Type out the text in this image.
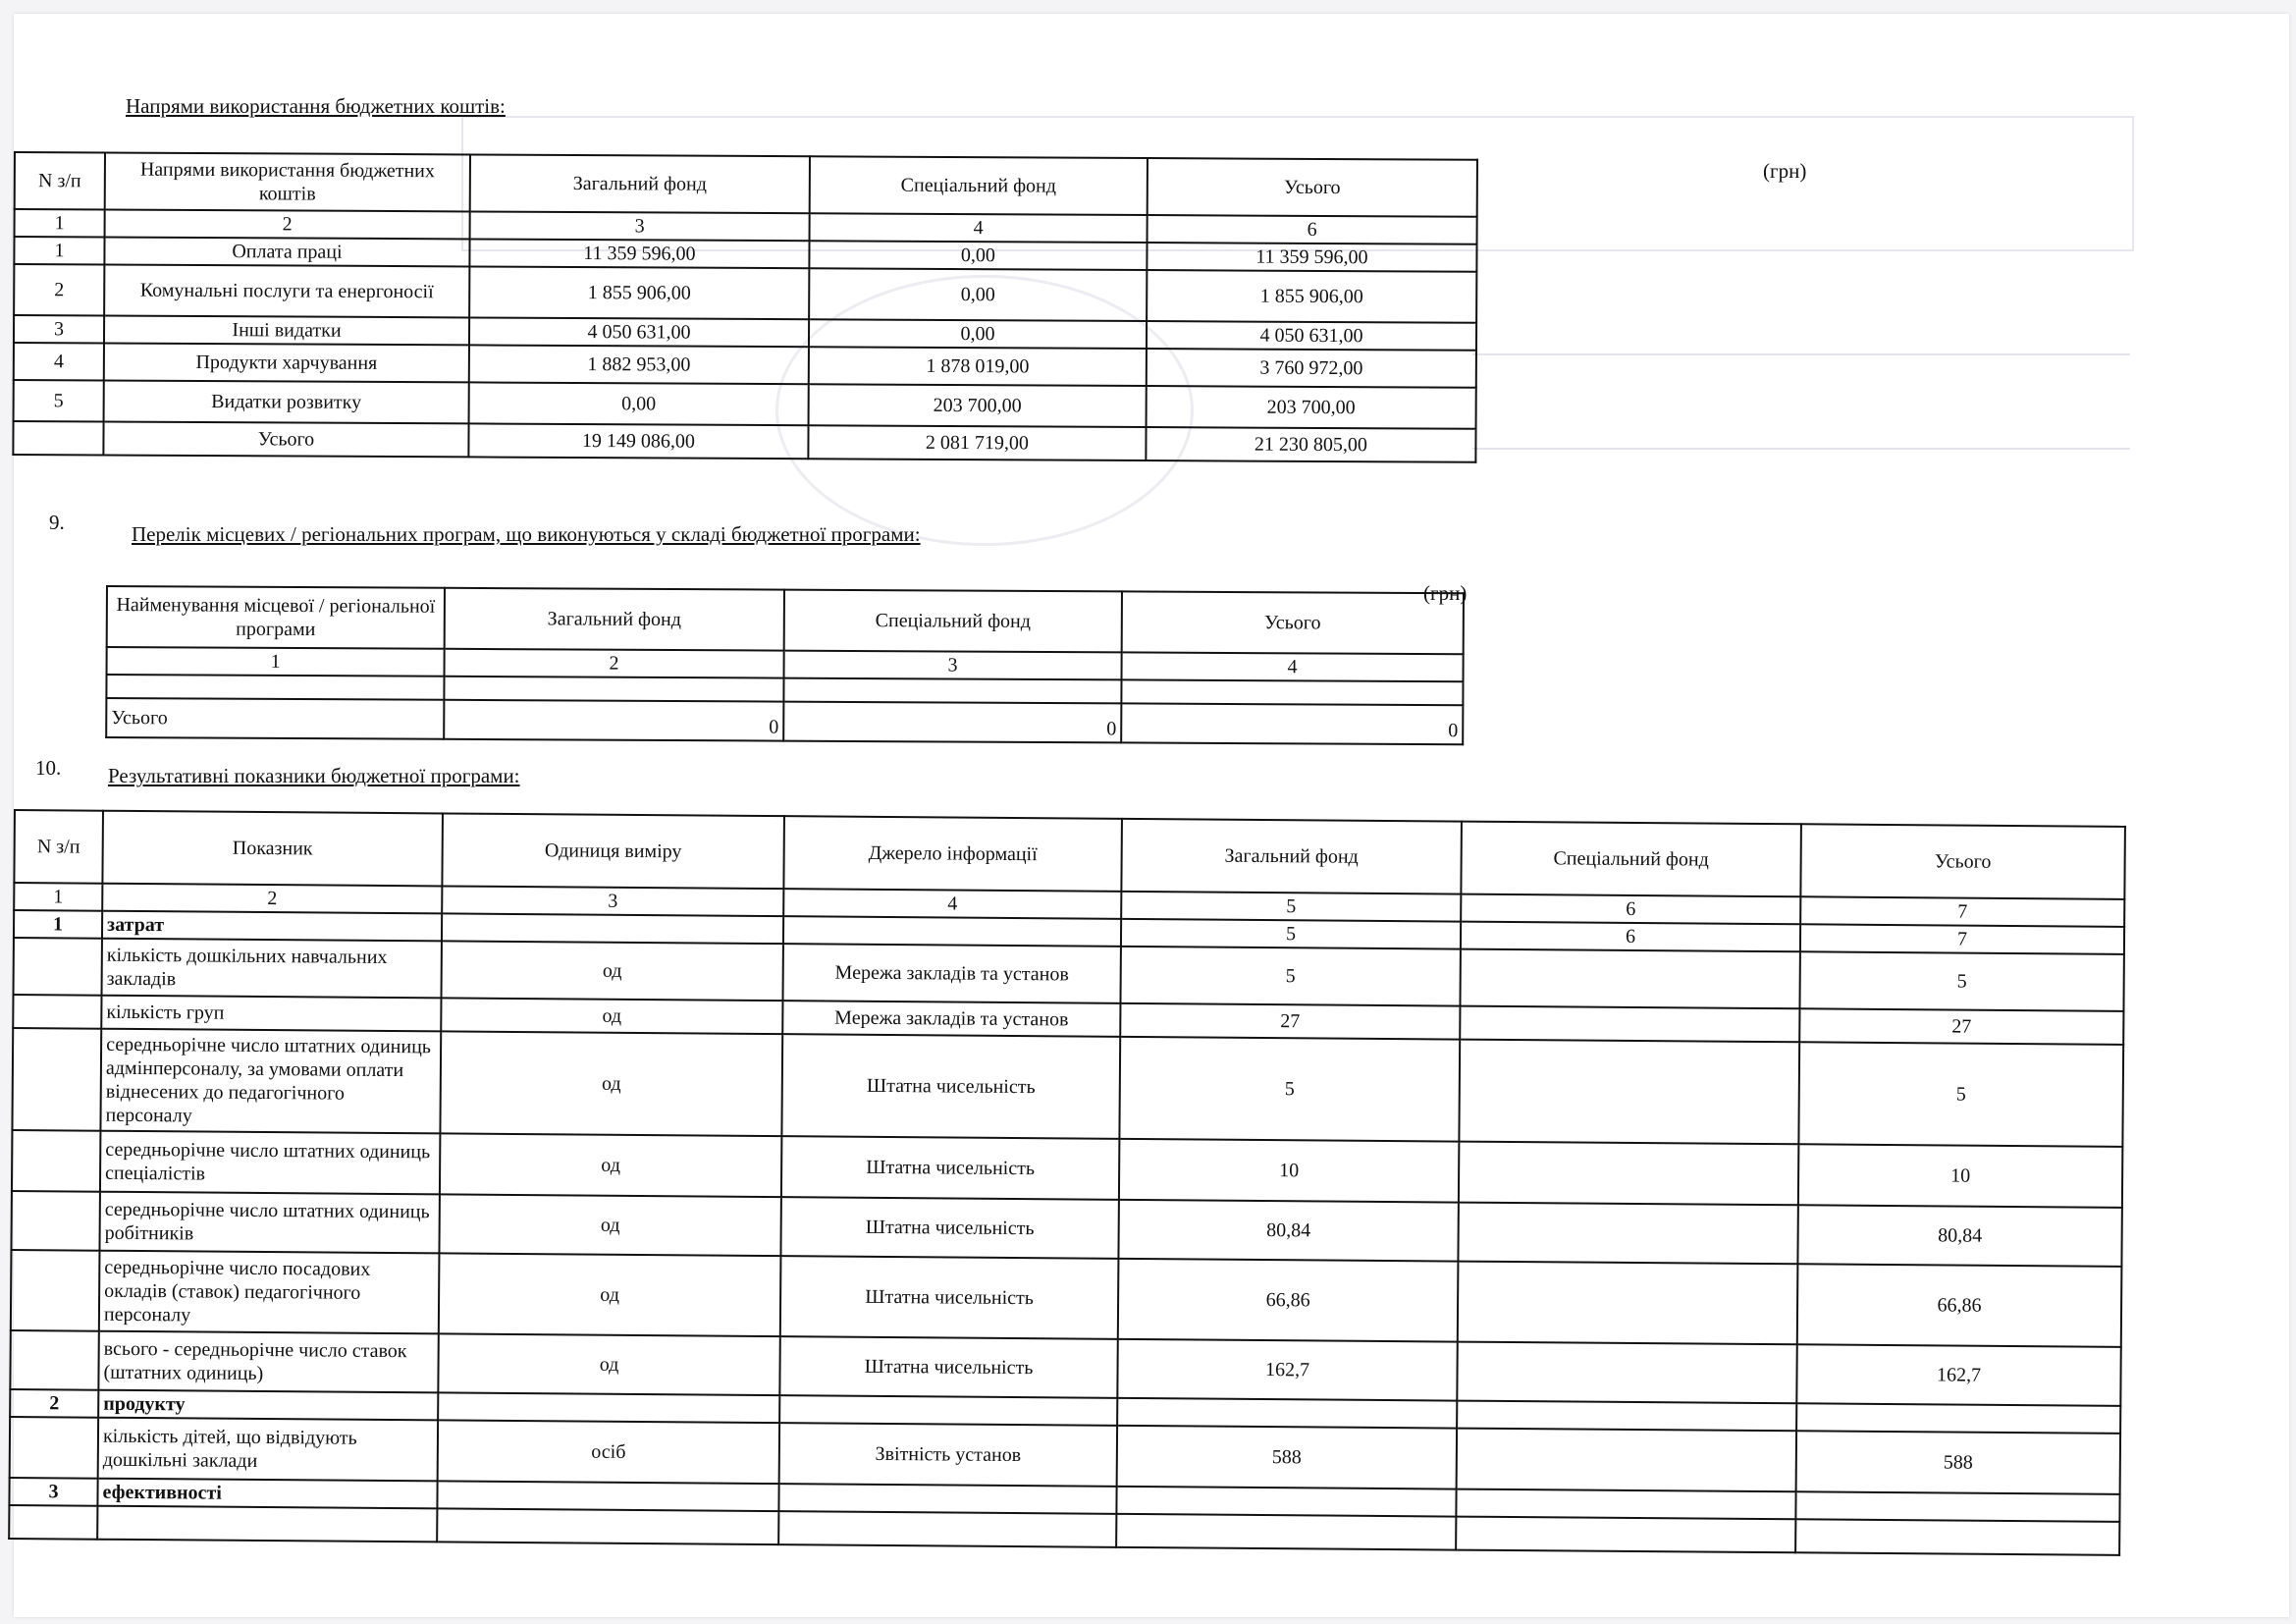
Напрями використання бюджетних коштів:
(грн)
N з/п	Напрями використання бюджетних коштів	Загальний фонд	Спеціальний фонд	Усього
1	2	3	4	6
1	Оплата праці	11 359 596,00	0,00	11 359 596,00
2	Комунальні послуги та енергоносії	1 855 906,00	0,00	1 855 906,00
3	Інші видатки	4 050 631,00	0,00	4 050 631,00
4	Продукти харчування	1 882 953,00	1 878 019,00	3 760 972,00
5	Видатки розвитку	0,00	203 700,00	203 700,00
	Усього	19 149 086,00	2 081 719,00	21 230 805,00
9.	Перелік місцевих / регіональних програм, що виконуються у складі бюджетної програми:
(грн)
Найменування місцевої / регіональної програми	Загальний фонд	Спеціальний фонд	Усього
1	2	3	4

Усього	0	0	0
10. Результативні показники бюджетної програми:
N з/п	Показник	Одиниця виміру	Джерело інформації	Загальний фонд	Спеціальний фонд	Усього
1	2	3	4	5	6	7
1	затрат			5	6	7
	кількість дошкільних навчальних закладів	од	Мережа закладів та установ	5		5
	кількість груп	од	Мережа закладів та установ	27		27
	середньорічне число штатних одиниць адмінперсоналу, за умовами оплати віднесених до педагогічного персоналу	од	Штатна чисельність	5		5
	середньорічне число штатних одиниць спеціалістів	од	Штатна чисельність	10		10
	середньорічне число штатних одиниць робітників	од	Штатна чисельність	80,84		80,84
	середньорічне число посадових окладів (ставок) педагогічного персоналу	од	Штатна чисельність	66,86		66,86
	всього - середньорічне число ставок (штатних одиниць)	од	Штатна чисельність	162,7		162,7
2	продукту					
	кількість дітей, що відвідують дошкільні заклади	осіб	Звітність установ	588		588
3	ефективності					
